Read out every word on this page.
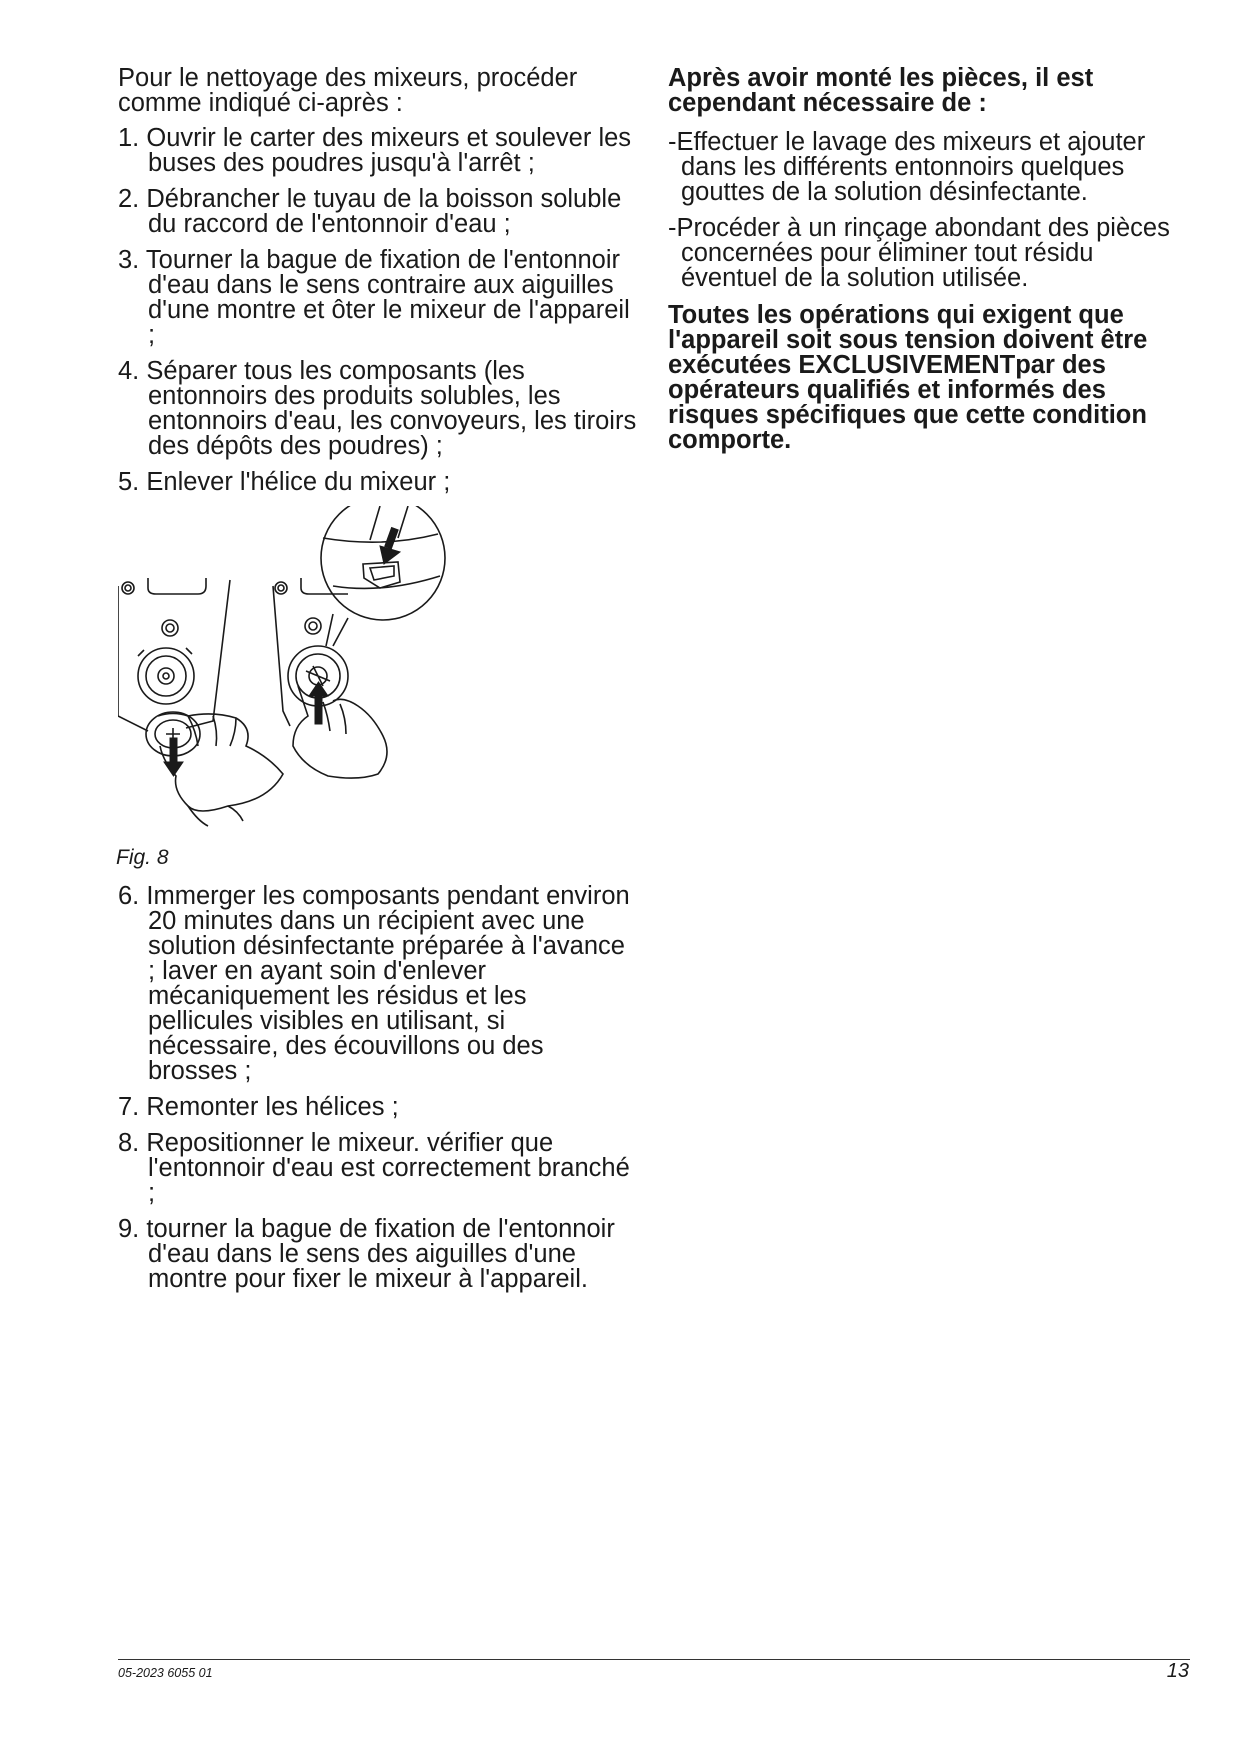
Pour le nettoyage des mixeurs, procéder comme indiqué ci-après :

1. Ouvrir le carter des mixeurs et soulever les buses des poudres jusqu'à l'arrêt ;
2. Débrancher le tuyau de la boisson soluble du raccord de l'entonnoir d'eau ;
3. Tourner la bague de fixation de l'entonnoir d'eau dans le sens contraire aux aiguilles d'une montre et ôter le mixeur de l'appareil ;
4. Séparer tous les composants (les entonnoirs des produits solubles, les entonnoirs d'eau, les convoyeurs, les tiroirs des dépôts des poudres) ;
5. Enlever l'hélice du mixeur ;

Fig. 8

6. Immerger les composants pendant environ 20 minutes dans un récipient avec une solution désinfectante préparée à l'avance ; laver en ayant soin d'enlever mécaniquement les résidus et les pellicules visibles en utilisant, si nécessaire, des écouvillons ou des brosses ;
7. Remonter les hélices ;
8. Repositionner le mixeur. vérifier que l'entonnoir d'eau est correctement branché ;
9. tourner la bague de fixation de l'entonnoir d'eau dans le sens des aiguilles d'une montre pour fixer le mixeur à l'appareil.

Après avoir monté les pièces, il est cependant nécessaire de :

-Effectuer le lavage des mixeurs et ajouter dans les différents entonnoirs quelques gouttes de la solution désinfectante.
-Procéder à un rinçage abondant des pièces concernées pour éliminer tout résidu éventuel de la solution utilisée.

Toutes les opérations qui exigent que l'appareil soit sous tension doivent être exécutées EXCLUSIVEMENTpar des opérateurs qualifiés et informés des risques spécifiques que cette condition comporte.

05-2023 6055 01	13
